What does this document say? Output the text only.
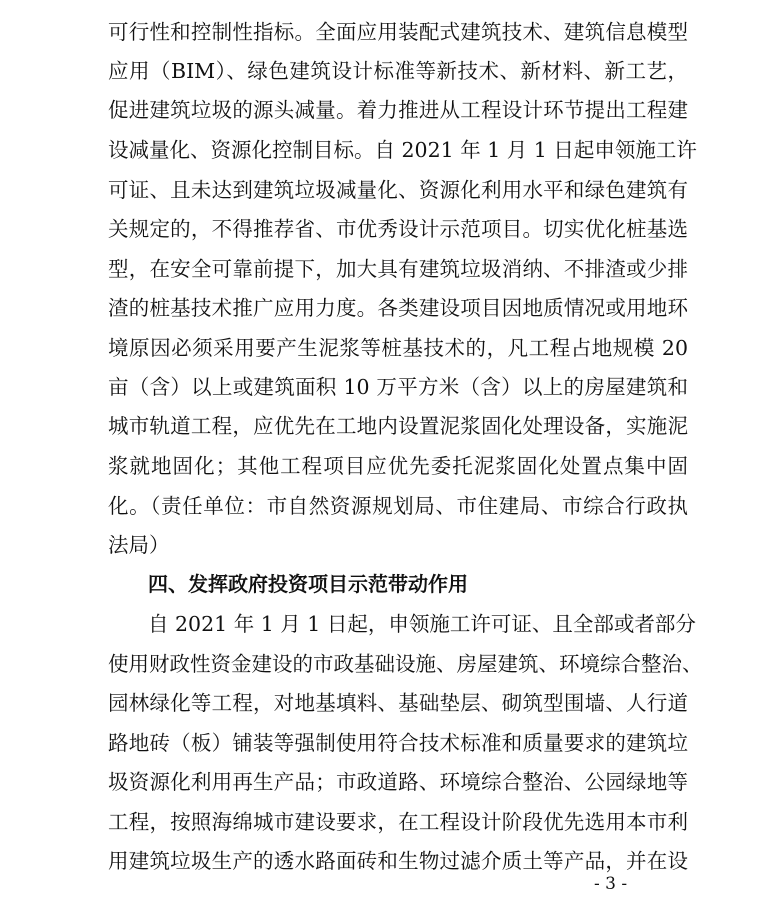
可行性和控制性指标。全面应用装配式建筑技术、建筑信息模型
应用（BIM）、绿色建筑设计标准等新技术、新材料、新工艺，
促进建筑垃圾的源头减量。着力推进从工程设计环节提出工程建
设减量化、资源化控制目标。自 2021 年 1 月 1 日起申领施工许
可证、且未达到建筑垃圾减量化、资源化利用水平和绿色建筑有
关规定的，不得推荐省、市优秀设计示范项目。切实优化桩基选
型，在安全可靠前提下，加大具有建筑垃圾消纳、不排渣或少排
渣的桩基技术推广应用力度。各类建设项目因地质情况或用地环
境原因必须采用要产生泥浆等桩基技术的，凡工程占地规模 20
亩（含）以上或建筑面积 10 万平方米（含）以上的房屋建筑和
城市轨道工程，应优先在工地内设置泥浆固化处理设备，实施泥
浆就地固化；其他工程项目应优先委托泥浆固化处置点集中固
化。（责任单位：市自然资源规划局、市住建局、市综合行政执
法局）
四、发挥政府投资项目示范带动作用
自 2021 年 1 月 1 日起，申领施工许可证、且全部或者部分
使用财政性资金建设的市政基础设施、房屋建筑、环境综合整治、
园林绿化等工程，对地基填料、基础垫层、砌筑型围墙、人行道
路地砖（板）铺装等强制使用符合技术标准和质量要求的建筑垃
圾资源化利用再生产品；市政道路、环境综合整治、公园绿地等
工程，按照海绵城市建设要求，在工程设计阶段优先选用本市利
用建筑垃圾生产的透水路面砖和生物过滤介质土等产品，并在设
- 3 -
